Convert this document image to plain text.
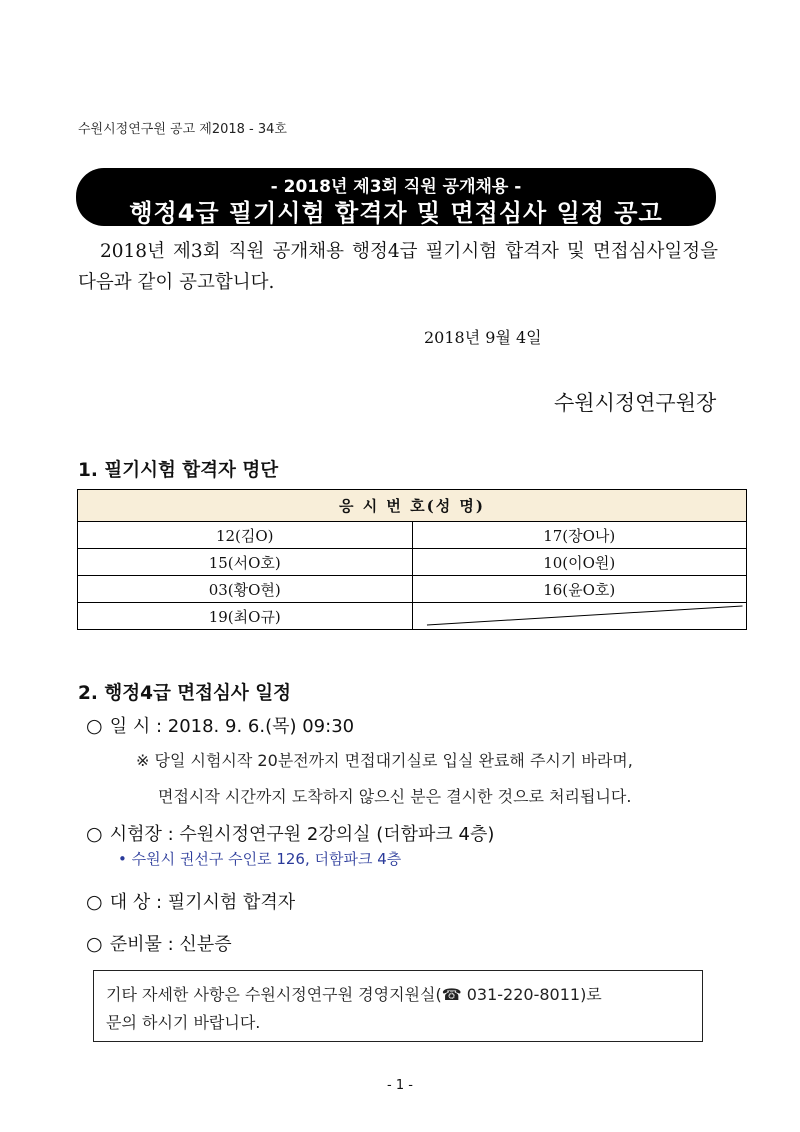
수원시정연구원 공고 제2018 - 34호
- 2018년 제3회 직원 공개채용 -
행정4급 필기시험 합격자 및 면접심사 일정 공고
2018년 제3회 직원 공개채용 행정4급 필기시험 합격자 및 면접심사일정을 다음과 같이 공고합니다.
2018년 9월 4일
수원시정연구원장
1. 필기시험 합격자 명단
응 시 번 호(성 명)	
12(김O)	17(장O나)
15(서O호)	10(이O원)
03(황O현)	16(윤O호)
19(최O규)	
2. 행정4급 면접심사 일정
○ 일 시 : 2018. 9. 6.(목) 09:30
※ 당일 시험시작 20분전까지 면접대기실로 입실 완료해 주시기 바라며,
면접시작 시간까지 도착하지 않으신 분은 결시한 것으로 처리됩니다.
○ 시험장 : 수원시정연구원 2강의실 (더함파크 4층)
• 수원시 권선구 수인로 126, 더함파크 4층
○ 대 상 : 필기시험 합격자
○ 준비물 : 신분증
기타 자세한 사항은 수원시정연구원 경영지원실(☎ 031-220-8011)로
문의 하시기 바랍니다.
- 1 -
